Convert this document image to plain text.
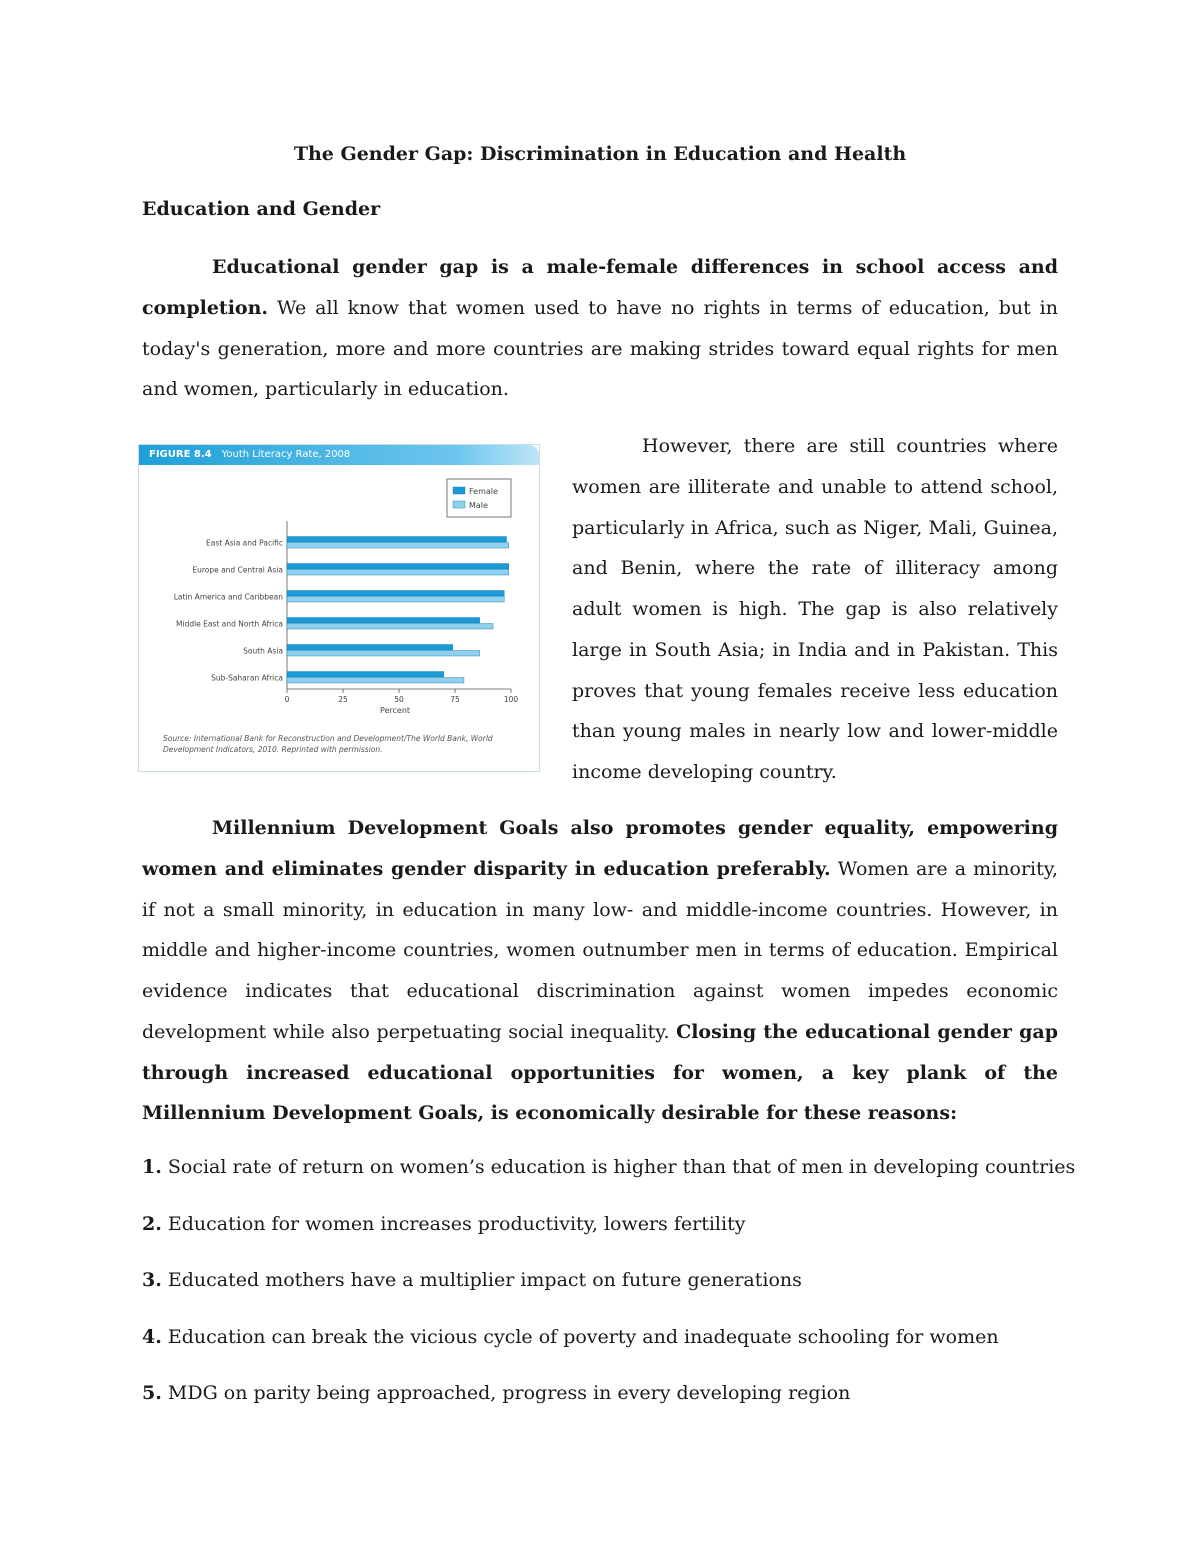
The Gender Gap: Discrimination in Education and Health
Education and Gender

Educational gender gap is a male-female differences in school access and completion. We all know that women used to have no rights in terms of education, but in today's generation, more and more countries are making strides toward equal rights for men and women, particularly in education.

FIGURE 8.4 Youth Literacy Rate, 2008
East Asia and Pacific
Europe and Central Asia
Latin America and Caribbean
Middle East and North Africa
South Asia
Sub-Saharan Africa
0	25	50	75	100
Percent
Female
Male
Source: International Bank for Reconstruction and Development/The World Bank, World Development Indicators, 2010. Reprinted with permission.

However, there are still countries where women are illiterate and unable to attend school, particularly in Africa, such as Niger, Mali, Guinea, and Benin, where the rate of illiteracy among adult women is high. The gap is also relatively large in South Asia; in India and in Pakistan. This proves that young females receive less education than young males in nearly low and lower-middle income developing country.

Millennium Development Goals also promotes gender equality, empowering women and eliminates gender disparity in education preferably. Women are a minority, if not a small minority, in education in many low- and middle-income countries. However, in middle and higher-income countries, women outnumber men in terms of education. Empirical evidence indicates that educational discrimination against women impedes economic development while also perpetuating social inequality. Closing the educational gender gap through increased educational opportunities for women, a key plank of the Millennium Development Goals, is economically desirable for these reasons:

1. Social rate of return on women’s education is higher than that of men in developing countries
2. Education for women increases productivity, lowers fertility
3. Educated mothers have a multiplier impact on future generations
4. Education can break the vicious cycle of poverty and inadequate schooling for women
5. MDG on parity being approached, progress in every developing region
